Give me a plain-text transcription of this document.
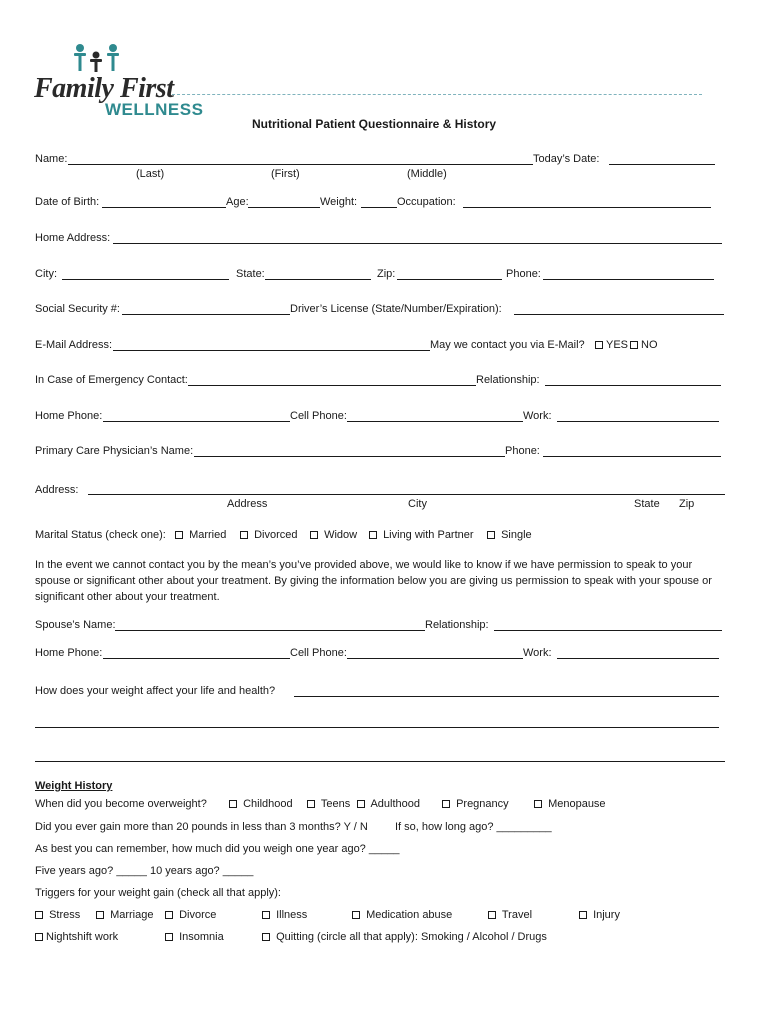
Family First
WELLNESS
Nutritional Patient Questionnaire & History
Name:	Today’s Date:
(Last)	(First)	(Middle)
Date of Birth:	Age:	Weight:	Occupation:
Home Address:
City:	State:	Zip:	Phone:
Social Security #:	Driver’s License (State/Number/Expiration):
E-Mail Address:	May we contact you via E-Mail?	YES	NO
In Case of Emergency Contact:	Relationship:
Home Phone:	Cell Phone:	Work:
Primary Care Physician’s Name:	Phone:
Address:
Address	City	State Zip
Marital Status (check one):	Married	Divorced	Widow	Living with Partner	Single
In the event we cannot contact you by the mean’s you’ve provided above, we would like to know if we have permission to speak to your spouse or significant other about your treatment. By giving the information below you are giving us permission to speak with your spouse or significant other about your treatment.
Spouse’s Name:	Relationship:
Home Phone:	Cell Phone:	Work:
How does your weight affect your life and health?
Weight History
When did you become overweight?	Childhood	Teens	Adulthood	Pregnancy	Menopause
Did you ever gain more than 20 pounds in less than 3 months? Y / N If so, how long ago? _________
As best you can remember, how much did you weigh one year ago? _____
Five years ago? _____ 10 years ago? _____
Triggers for your weight gain (check all that apply):
Stress	Marriage	Divorce	Illness	Medication abuse	Travel	Injury
Nightshift work	Insomnia	Quitting (circle all that apply): Smoking / Alcohol / Drugs
